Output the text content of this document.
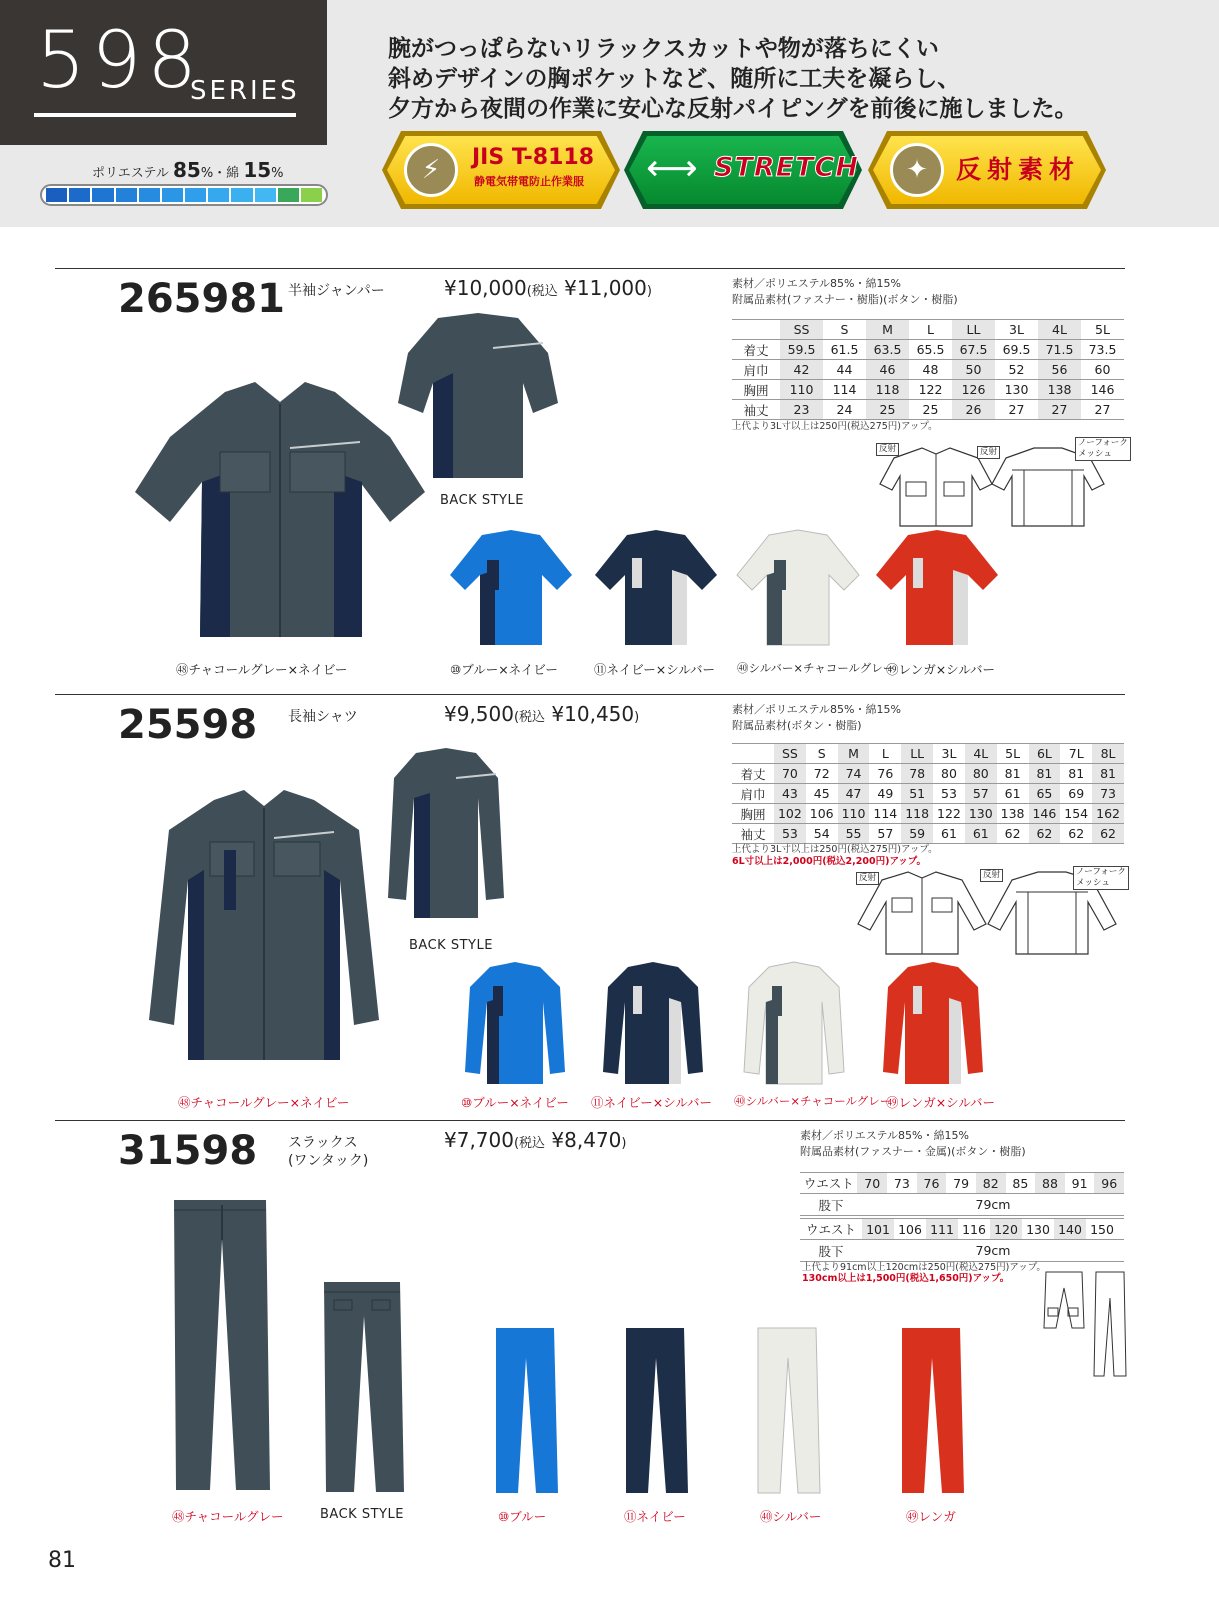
598
SERIES
ポリエステル 85%・綿 15%
腕がつっぱらないリラックスカットや物が落ちにくい
斜めデザインの胸ポケットなど、随所に工夫を凝らし、
夕方から夜間の作業に安心な反射パイピングを前後に施しました。
⚡	JIS T-8118
静電気帯電防止作業服 ⟷ STRETCH	✦	反射素材
265981 半袖ジャンパー	¥10,000(税込 ¥11,000)
素材／ポリエステル85%・綿15%
附属品素材(ファスナー・樹脂)(ボタン・樹脂)
	SS	S	M	L	LL	3L	4L	5L
着丈	59.5	61.5	63.5	65.5	67.5	69.5	71.5	73.5
肩巾	42	44	46	48	50	52	56	60
胸囲	110	114	118	122	126	130	138	146
袖丈	23	24	25	25	26	27	27	27
上代より3L寸以上は250円(税込275円)アップ。
反射	反射
ノーフォーク
メッシュ
BACK STYLE
㊽チャコールグレー×ネイビー	⑩ブルー×ネイビー	⑪ネイビー×シルバー ㊵シルバー×チャコールグレー
㊾レンガ×シルバー
25598 長袖シャツ	¥9,500(税込 ¥10,450)
素材／ポリエステル85%・綿15%
附属品素材(ボタン・樹脂)
	SS	S	M	L	LL	3L	4L	5L	6L	7L	8L
着丈	70	72	74	76	78	80	80	81	81	81	81
肩巾	43	45	47	49	51	53	57	61	65	69	73
胸囲	102	106	110	114	118	122	130	138	146	154	162
袖丈	53	54	55	57	59	61	61	62	62	62	62
上代より3L寸以上は250円(税込275円)アップ。
6L寸以上は2,000円(税込2,200円)アップ。
反射	反射	ノーフォーク
メッシュ
BACK STYLE
㊽チャコールグレー×ネイビー	⑩ブルー×ネイビー ⑪ネイビー×シルバー ㊵シルバー×チャコールグレー
㊾レンガ×シルバー
31598 スラックス
(ワンタック)
¥7,700(税込 ¥8,470)
素材／ポリエステル85%・綿15%
附属品素材(ファスナー・金属)(ボタン・樹脂)
ウエスト 70	73	76	79	82	85	88	91	96
股下	79cm
ウエスト 101 106 111 116 120 130 140 150
股下	79cm
上代より91cm以上120cmは250円(税込275円)アップ。
130cm以上は1,500円(税込1,650円)アップ。
BACK STYLE
㊽チャコールグレー	⑩ブルー	⑪ネイビー	㊵シルバー	㊾レンガ
81
